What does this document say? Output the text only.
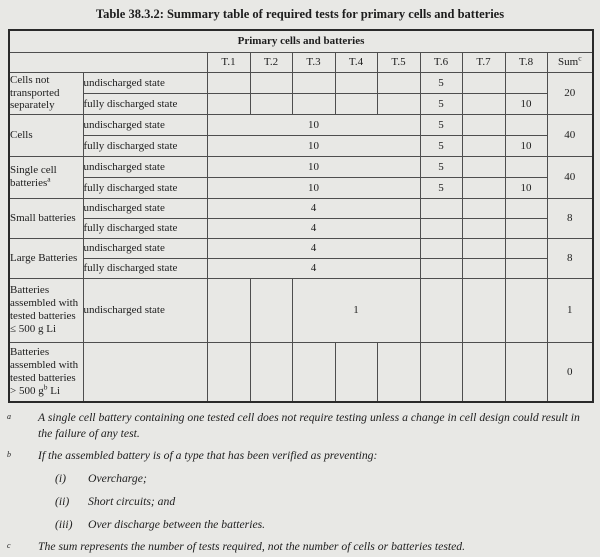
Table 38.3.2: Summary table of required tests for primary cells and batteries
Primary cells and batteries										
		T.1	T.2	T.3	T.4	T.5	T.6	T.7	T.8	Sum$^c$
Cells not transported separately	undischarged state						5			20
	fully discharged state						5		10	
Cells	undischarged state	10					5			40
	fully discharged state	10					5		10	
Single cell batteries$^a$	undischarged state	10					5			40
	fully discharged state	10					5		10	
Small batteries	undischarged state	4								8
	fully discharged state	4								
Large Batteries	undischarged state	4								8
	fully discharged state	4								
Batteries assembled with tested batteries ≤ 500 g Li	undischarged state			1						1
Batteries assembled with tested batteries > 500 $g^b$ Li										0
a	A single cell battery containing one tested cell does not require testing unless a change in cell design could result in the failure of any test.
b	If the assembled battery is of a type that has been verified as preventing:
(i)	Overcharge;
(ii)	Short circuits; and
(iii)	Over discharge between the batteries.
c	The sum represents the number of tests required, not the number of cells or batteries tested.
